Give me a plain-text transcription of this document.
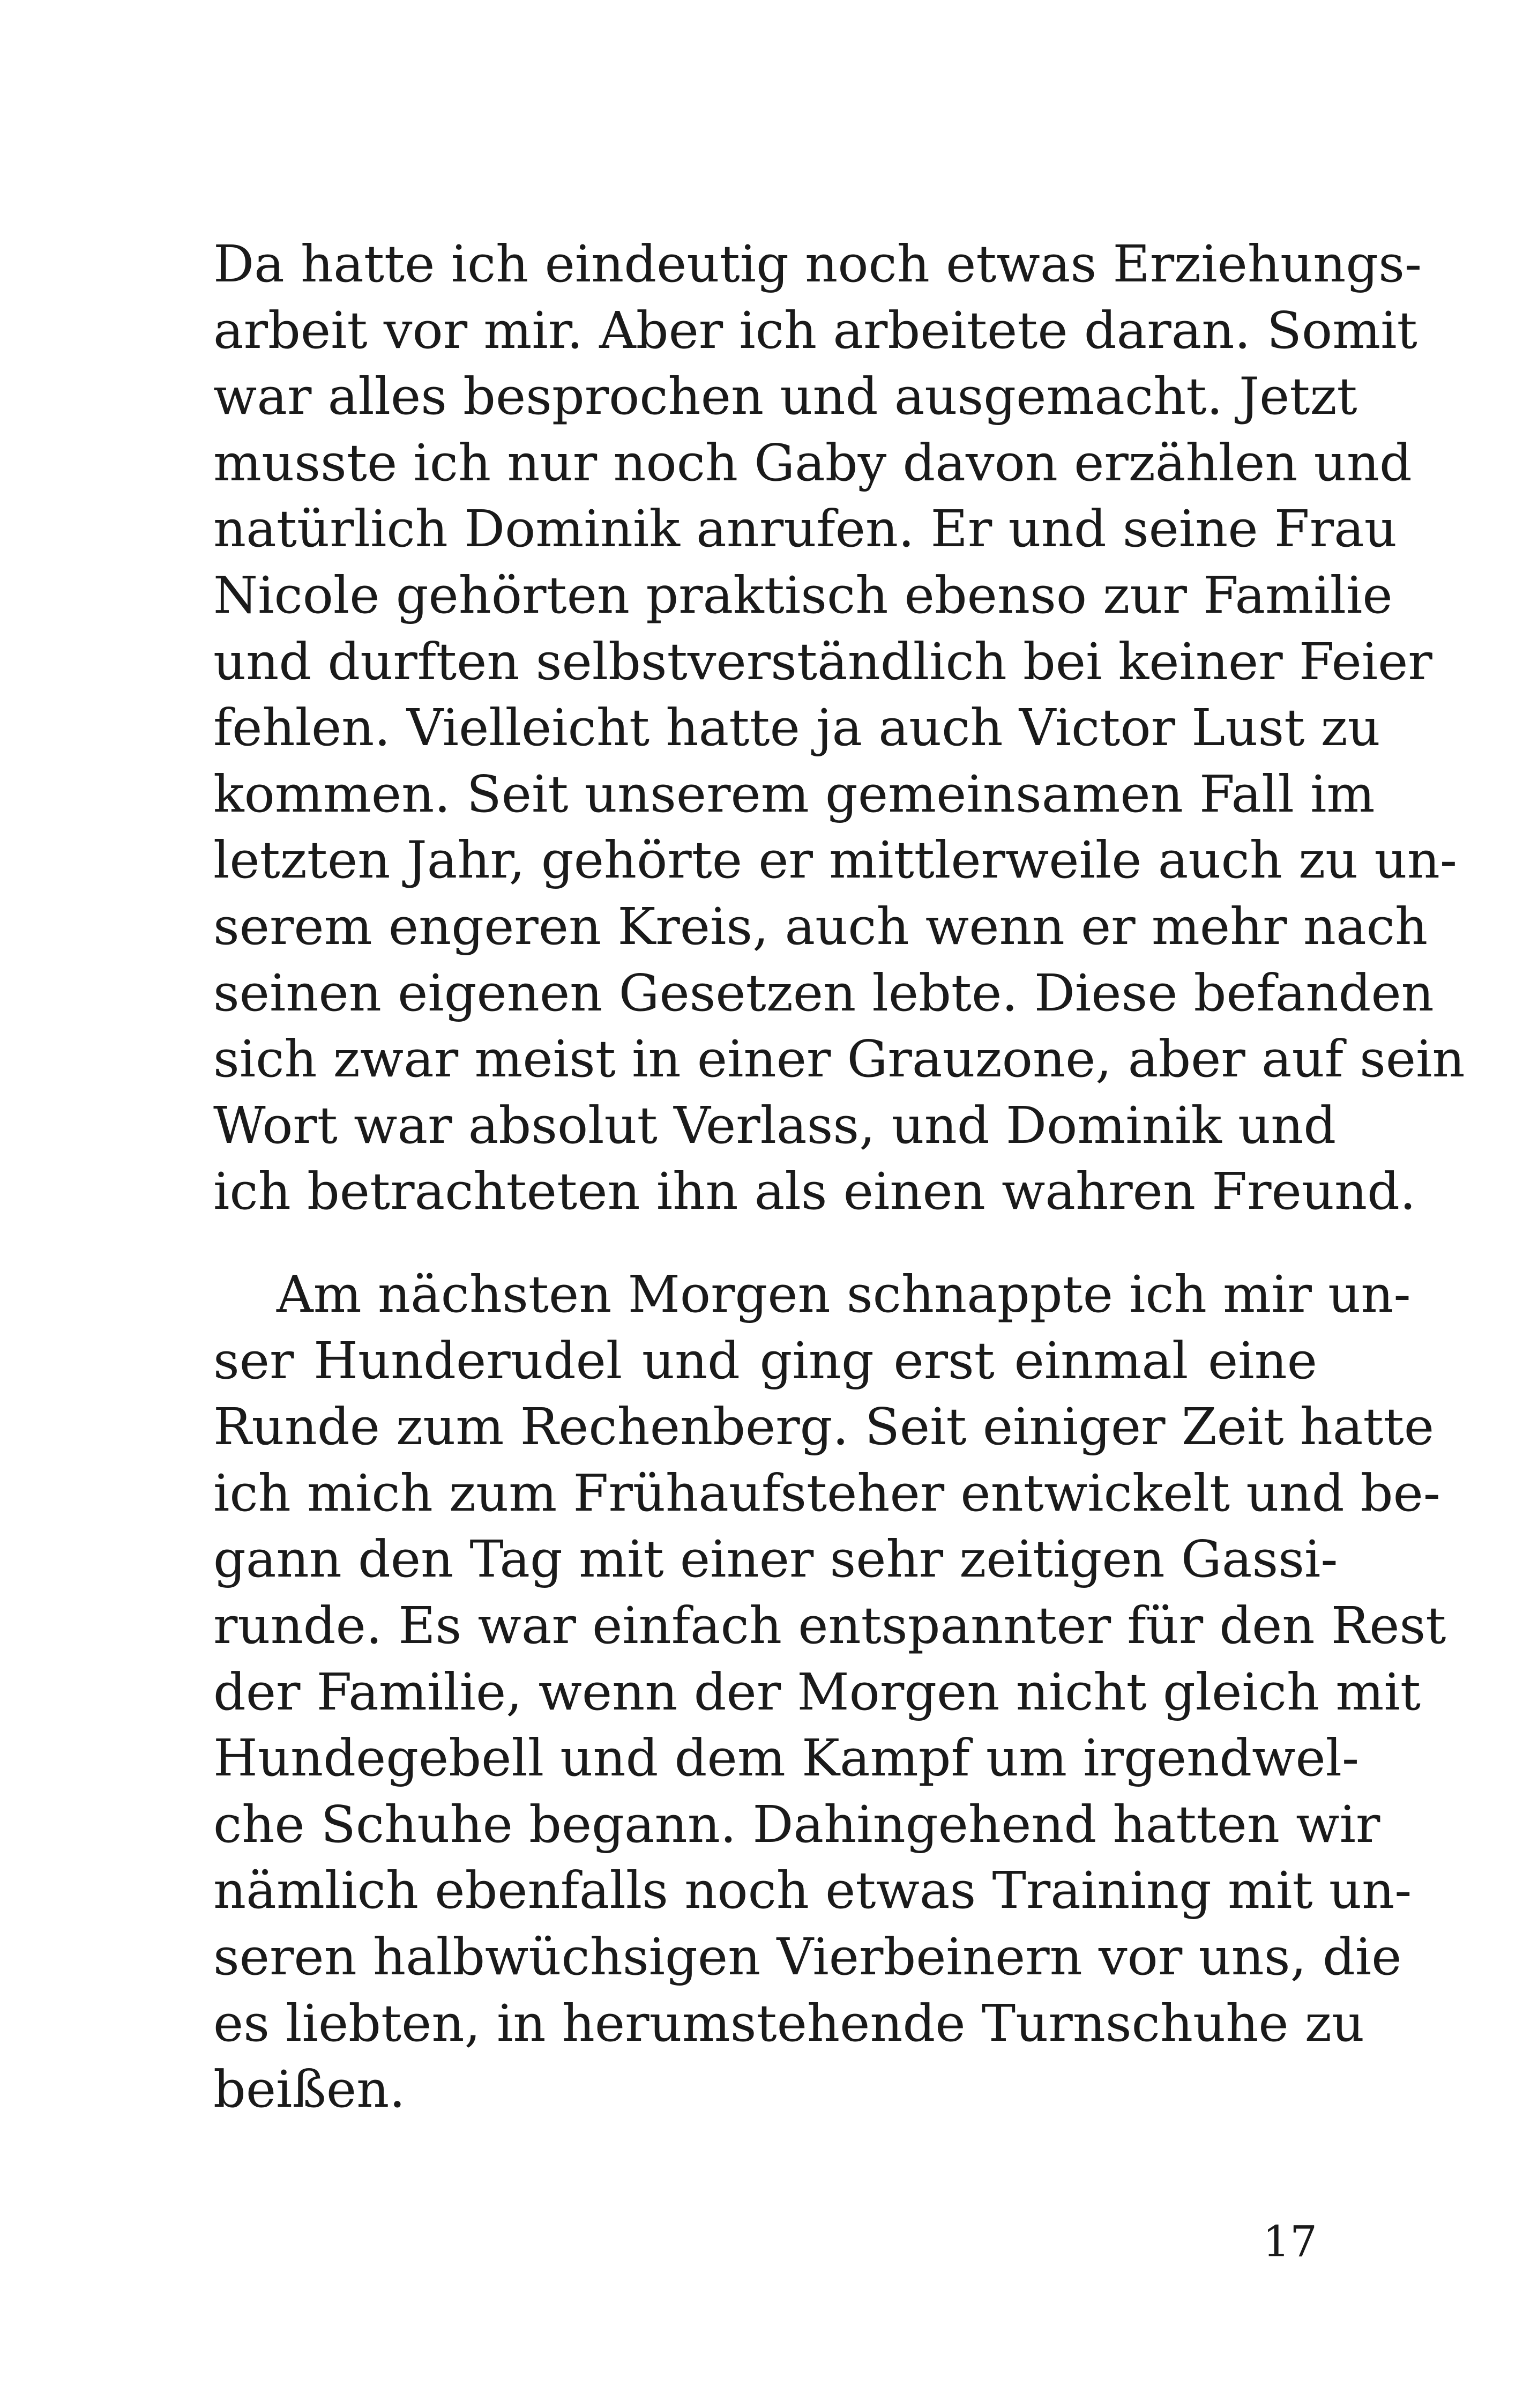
Da hatte ich eindeutig noch etwas Erziehungs-
arbeit vor mir. Aber ich arbeitete daran. Somit
war alles besprochen und ausgemacht. Jetzt
musste ich nur noch Gaby davon erzählen und
natürlich Dominik anrufen. Er und seine Frau
Nicole gehörten praktisch ebenso zur Familie
und durften selbstverständlich bei keiner Feier
fehlen. Vielleicht hatte ja auch Victor Lust zu
kommen. Seit unserem gemeinsamen Fall im
letzten Jahr, gehörte er mittlerweile auch zu un-
serem engeren Kreis, auch wenn er mehr nach
seinen eigenen Gesetzen lebte. Diese befanden
sich zwar meist in einer Grauzone, aber auf sein
Wort war absolut Verlass, und Dominik und
ich betrachteten ihn als einen wahren Freund.
Am nächsten Morgen schnappte ich mir un-
ser Hunderudel und ging erst einmal eine
Runde zum Rechenberg. Seit einiger Zeit hatte
ich mich zum Frühaufsteher entwickelt und be-
gann den Tag mit einer sehr zeitigen Gassi-
runde. Es war einfach entspannter für den Rest
der Familie, wenn der Morgen nicht gleich mit
Hundegebell und dem Kampf um irgendwel-
che Schuhe begann. Dahingehend hatten wir
nämlich ebenfalls noch etwas Training mit un-
seren halbwüchsigen Vierbeinern vor uns, die
es liebten, in herumstehende Turnschuhe zu
beißen.
17
